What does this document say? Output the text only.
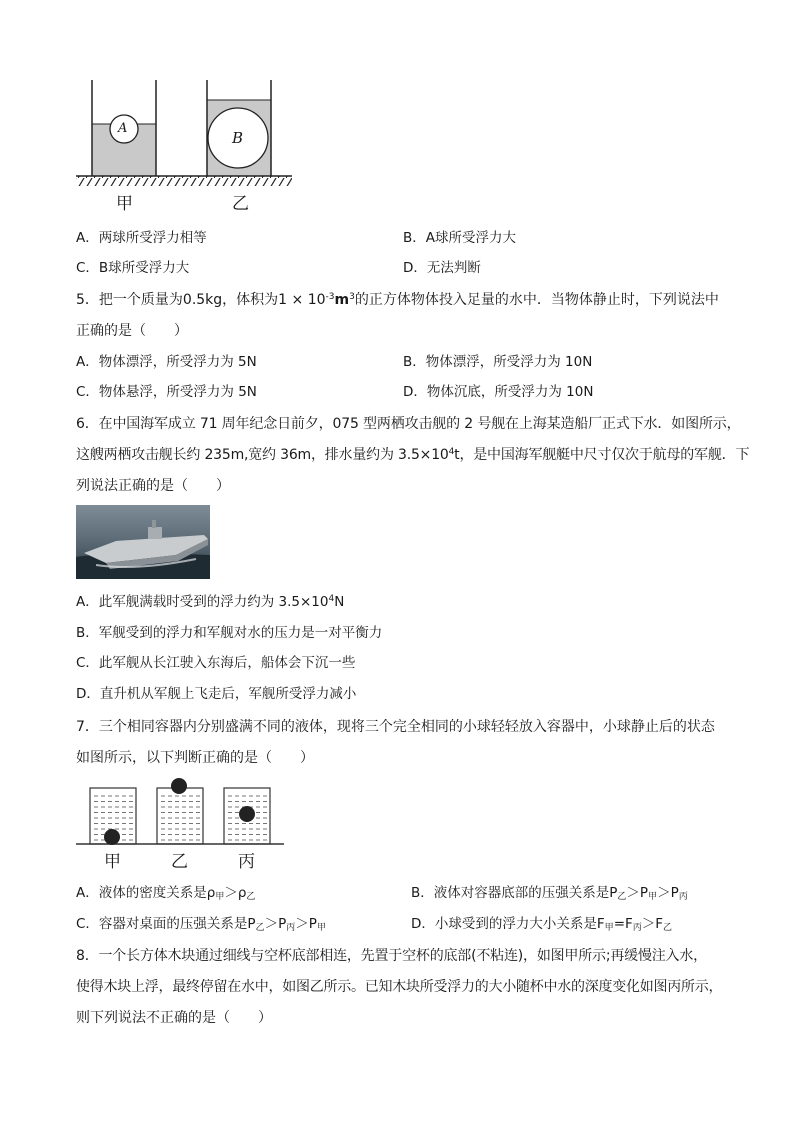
A
B
甲	乙
A．两球所受浮力相等	B．A球所受浮力大
C．B球所受浮力大	D．无法判断
5．把一个质量为0.5kg，体积为$1 \times 10^{-3}m^3$的正方体物体投入足量的水中．当物体静止时，下列说法中
正确的是（　　）
A．物体漂浮，所受浮力为 5N	B．物体漂浮，所受浮力为 10N
C．物体悬浮，所受浮力为 5N	D．物体沉底，所受浮力为 10N
6．在中国海军成立 71 周年纪念日前夕，075 型两栖攻击舰的 2 号舰在上海某造船厂正式下水．如图所示，
这艘两栖攻击舰长约 235m,宽约 36m，排水量约为 $3.5\times 10^4t$，是中国海军舰艇中尺寸仅次于航母的军舰．下
列说法正确的是（　　）
A．此军舰满载时受到的浮力约为 $3.5\times 10^4N$
B．军舰受到的浮力和军舰对水的压力是一对平衡力
C．此军舰从长江驶入东海后，船体会下沉一些
D．直升机从军舰上飞走后，军舰所受浮力减小
7．三个相同容器内分别盛满不同的液体，现将三个完全相同的小球轻轻放入容器中，小球静止后的状态
如图所示，以下判断正确的是（　　）
甲	乙	丙
A．液体的密度关系是$\rho_甲>\rho_乙$	B．液体对容器底部的压强关系是$P_乙>P_甲>P_丙$
C．容器对桌面的压强关系是$P_乙>P_丙>P_甲$	D．小球受到的浮力大小关系是$F_甲=F_丙>F_乙$
8．一个长方体木块通过细线与空杯底部相连，先置于空杯的底部(不粘连)，如图甲所示;再缓慢注入水，
使得木块上浮，最终停留在水中，如图乙所示。已知木块所受浮力的大小随杯中水的深度变化如图丙所示，
则下列说法不正确的是（　　）
